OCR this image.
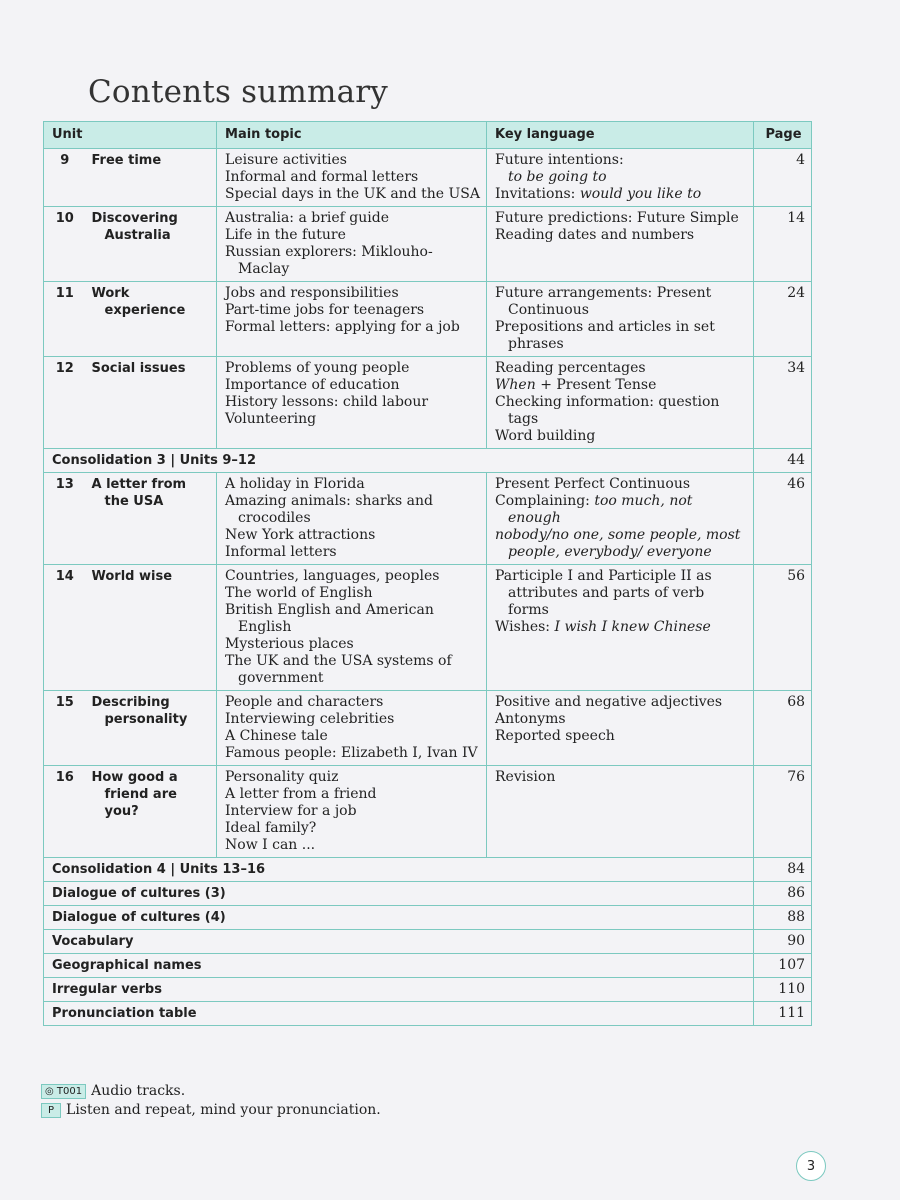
Contents summary
Unit		Main topic	Key language	Page
9	Free time	Leisure activities
Informal and formal letters
Special days in the UK and the USA	Future intentions:
to be going to
Invitations: would you like to	4
10	Discovering Australia	Australia: a brief guide
Life in the future
Russian explorers: Miklouho-Maclay	Future predictions: Future Simple
Reading dates and numbers	14
11	Work experience	Jobs and responsibilities
Part-time jobs for teenagers
Formal letters: applying for a job	Future arrangements: Present Continuous
Prepositions and articles in set phrases	24
12	Social issues	Problems of young people
Importance of education
History lessons: child labour
Volunteering	Reading percentages
When + Present Tense
Checking information: question tags
Word building	34
Consolidation 3 | Units 9–12				44
13	A letter from the USA	A holiday in Florida
Amazing animals: sharks and crocodiles
New York attractions
Informal letters	Present Perfect Continuous
Complaining: too much, not enough
nobody/no one, some people, most people, everybody/ everyone	46
14	World wise	Countries, languages, peoples
The world of English
British English and American English
Mysterious places
The UK and the USA systems of government	Participle I and Participle II as attributes and parts of verb forms
Wishes: I wish I knew Chinese	56
15	Describing personality	People and characters
Interviewing celebrities
A Chinese tale
Famous people: Elizabeth I, Ivan IV	Positive and negative adjectives
Antonyms
Reported speech	68
16	How good a friend are you?	Personality quiz
A letter from a friend
Interview for a job
Ideal family?
Now I can ...	Revision	76
Consolidation 4 | Units 13–16				84
Dialogue of cultures (3)				86
Dialogue of cultures (4)				88
Vocabulary				90
Geographical names				107
Irregular verbs				110
Pronunciation table				111
◎ T001 Audio tracks.
P Listen and repeat, mind your pronunciation.
3
